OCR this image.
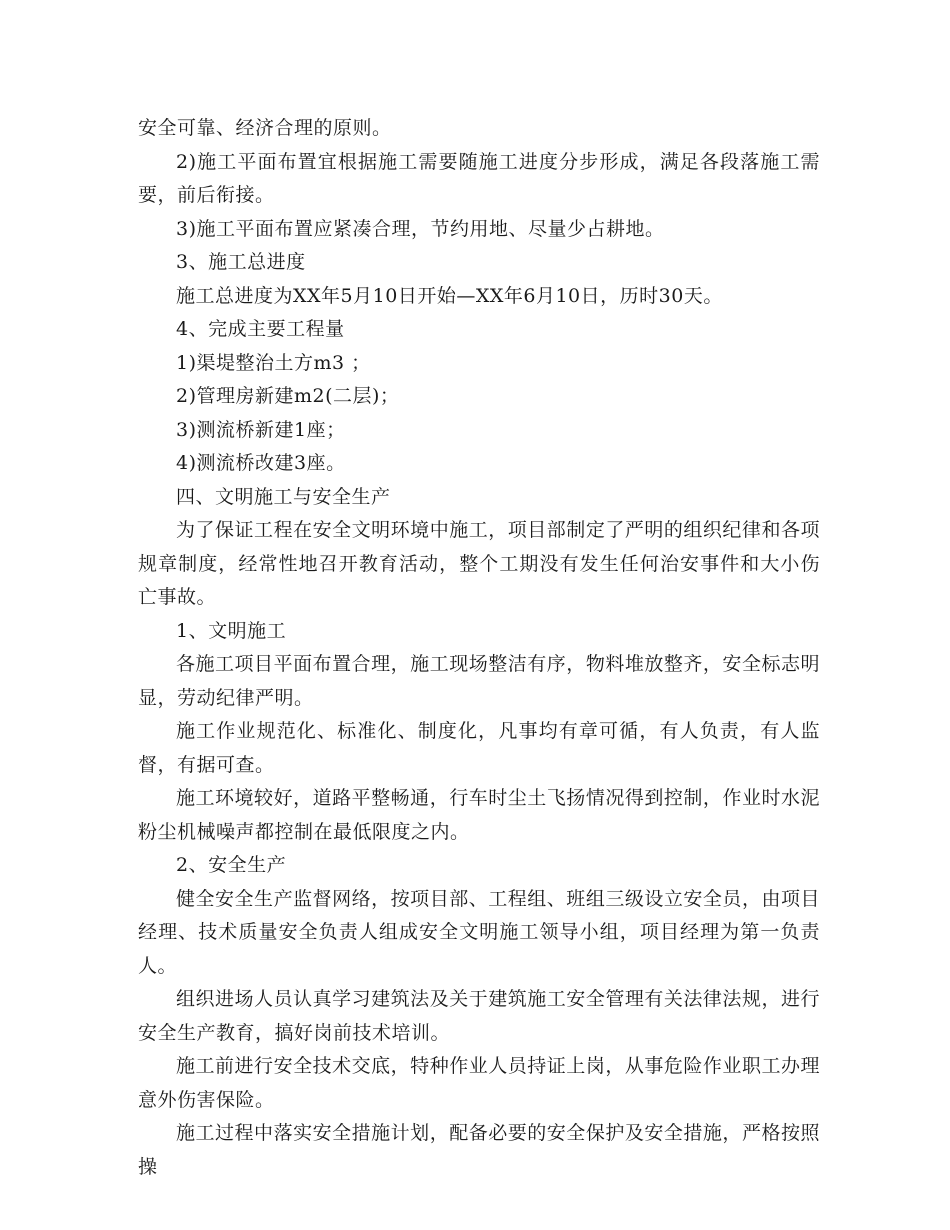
安全可靠、经济合理的原则。

2)施工平面布置宜根据施工需要随施工进度分步形成，满足各段落施工需要，前后衔接。

3)施工平面布置应紧凑合理，节约用地、尽量少占耕地。

3、施工总进度

施工总进度为XX年5月10日开始—XX年6月10日，历时30天。

4、完成主要工程量

1)渠堤整治土方m3 ；

2)管理房新建m2(二层)；

3)测流桥新建1座；

4)测流桥改建3座。

四、文明施工与安全生产

为了保证工程在安全文明环境中施工，项目部制定了严明的组织纪律和各项规章制度，经常性地召开教育活动，整个工期没有发生任何治安事件和大小伤亡事故。

1、文明施工

各施工项目平面布置合理，施工现场整洁有序，物料堆放整齐，安全标志明显，劳动纪律严明。

施工作业规范化、标准化、制度化，凡事均有章可循，有人负责，有人监督，有据可查。

施工环境较好，道路平整畅通，行车时尘土飞扬情况得到控制，作业时水泥粉尘机械噪声都控制在最低限度之内。

2、安全生产

健全安全生产监督网络，按项目部、工程组、班组三级设立安全员，由项目经理、技术质量安全负责人组成安全文明施工领导小组，项目经理为第一负责人。

组织进场人员认真学习建筑法及关于建筑施工安全管理有关法律法规，进行安全生产教育，搞好岗前技术培训。

施工前进行安全技术交底，特种作业人员持证上岗，从事危险作业职工办理意外伤害保险。

施工过程中落实安全措施计划，配备必要的安全保护及安全措施，严格按照操
